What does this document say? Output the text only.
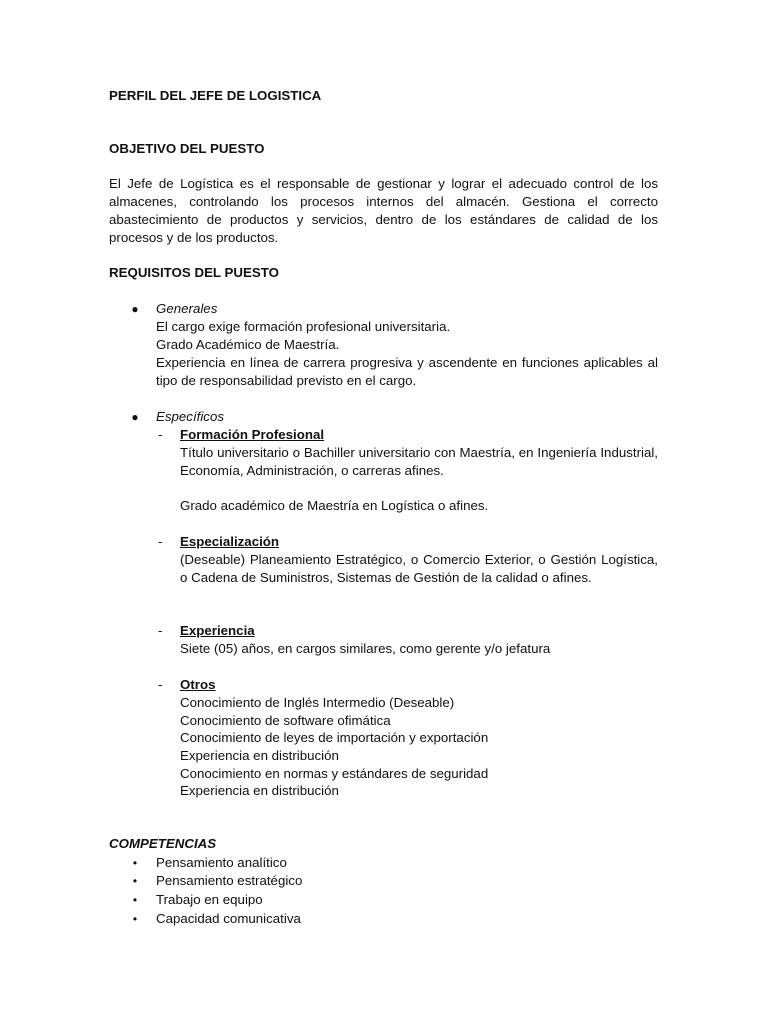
PERFIL DEL JEFE DE LOGISTICA

OBJETIVO DEL PUESTO

El Jefe de Logística es el responsable de gestionar y lograr el adecuado control de los almacenes, controlando los procesos internos del almacén. Gestiona el correcto abastecimiento de productos y servicios, dentro de los estándares de calidad de los procesos y de los productos.

REQUISITOS DEL PUESTO

● Generales

El cargo exige formación profesional universitaria.

Grado Académico de Maestría.

Experiencia en línea de carrera progresiva y ascendente en funciones aplicables al tipo de responsabilidad previsto en el cargo.

● Específicos

- Formación Profesional

Título universitario o Bachiller universitario con Maestría, en Ingeniería Industrial, Economía, Administración, o carreras afines.

Grado académico de Maestría en Logística o afines.

- Especialización

(Deseable) Planeamiento Estratégico, o Comercio Exterior, o Gestión Logística, o Cadena de Suministros, Sistemas de Gestión de la calidad o afines.

- Experiencia

Siete (05) años, en cargos similares, como gerente y/o jefatura

- Otros

Conocimiento de Inglés Intermedio (Deseable)

Conocimiento de software ofimática

Conocimiento de leyes de importación y exportación

Experiencia en distribución

Conocimiento en normas y estándares de seguridad

Experiencia en distribución

COMPETENCIAS

• Pensamiento analítico

• Pensamiento estratégico

• Trabajo en equipo

• Capacidad comunicativa
